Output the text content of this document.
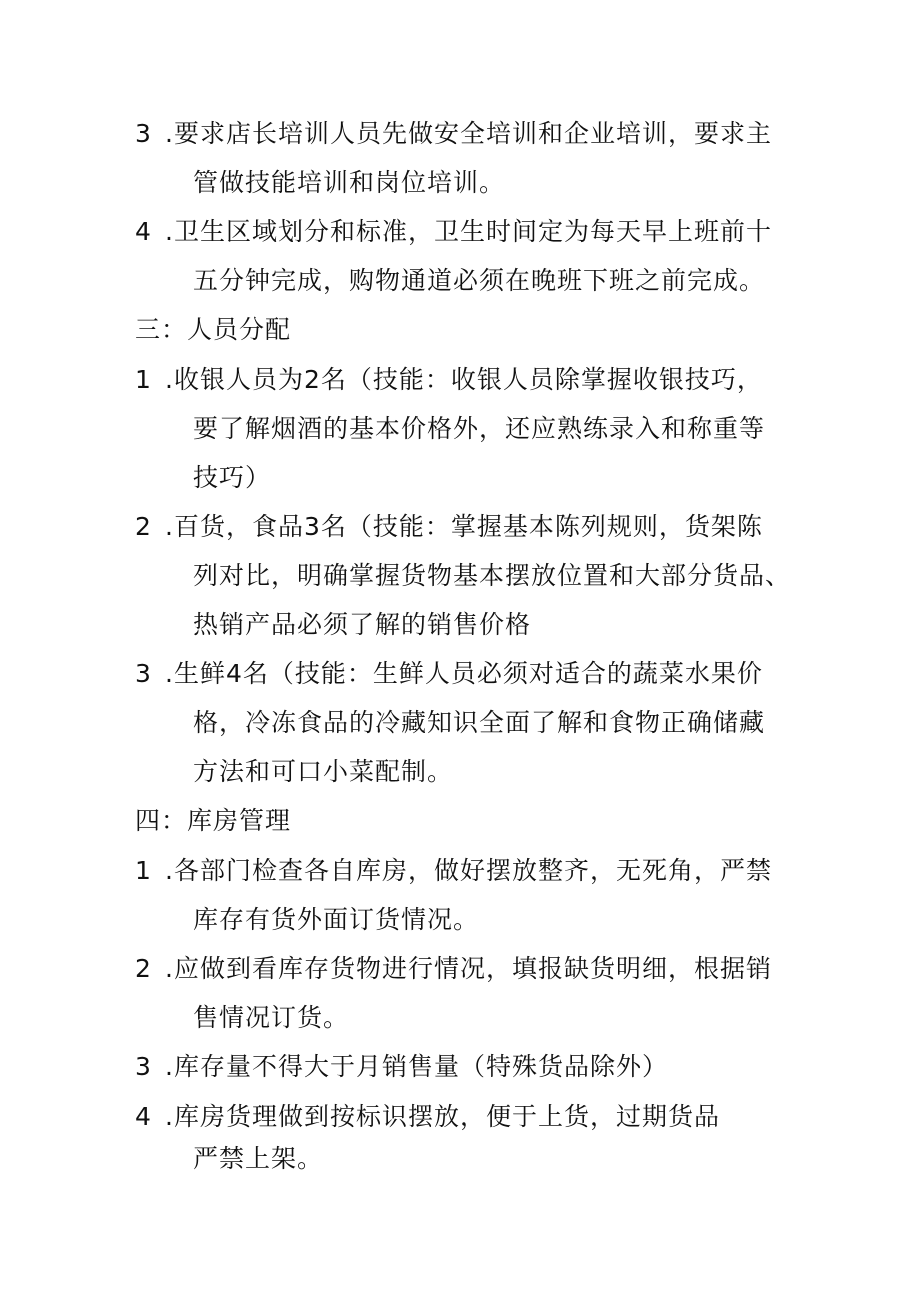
3 .要求店长培训人员先做安全培训和企业培训，要求主
管做技能培训和岗位培训。
4 .卫生区域划分和标准，卫生时间定为每天早上班前十
五分钟完成，购物通道必须在晚班下班之前完成。
三：人员分配
1 .收银人员为2名（技能：收银人员除掌握收银技巧，
要了解烟酒的基本价格外，还应熟练录入和称重等
技巧）
2 .百货，食品3名（技能：掌握基本陈列规则，货架陈
列对比，明确掌握货物基本摆放位置和大部分货品、
热销产品必须了解的销售价格
3 .生鲜4名（技能：生鲜人员必须对适合的蔬菜水果价
格，冷冻食品的冷藏知识全面了解和食物正确储藏
方法和可口小菜配制。
四：库房管理
1 .各部门检查各自库房，做好摆放整齐，无死角，严禁
库存有货外面订货情况。
2 .应做到看库存货物进行情况，填报缺货明细，根据销
售情况订货。
3 .库存量不得大于月销售量（特殊货品除外）
4 .库房货理做到按标识摆放，便于上货，过期货品
严禁上架。
